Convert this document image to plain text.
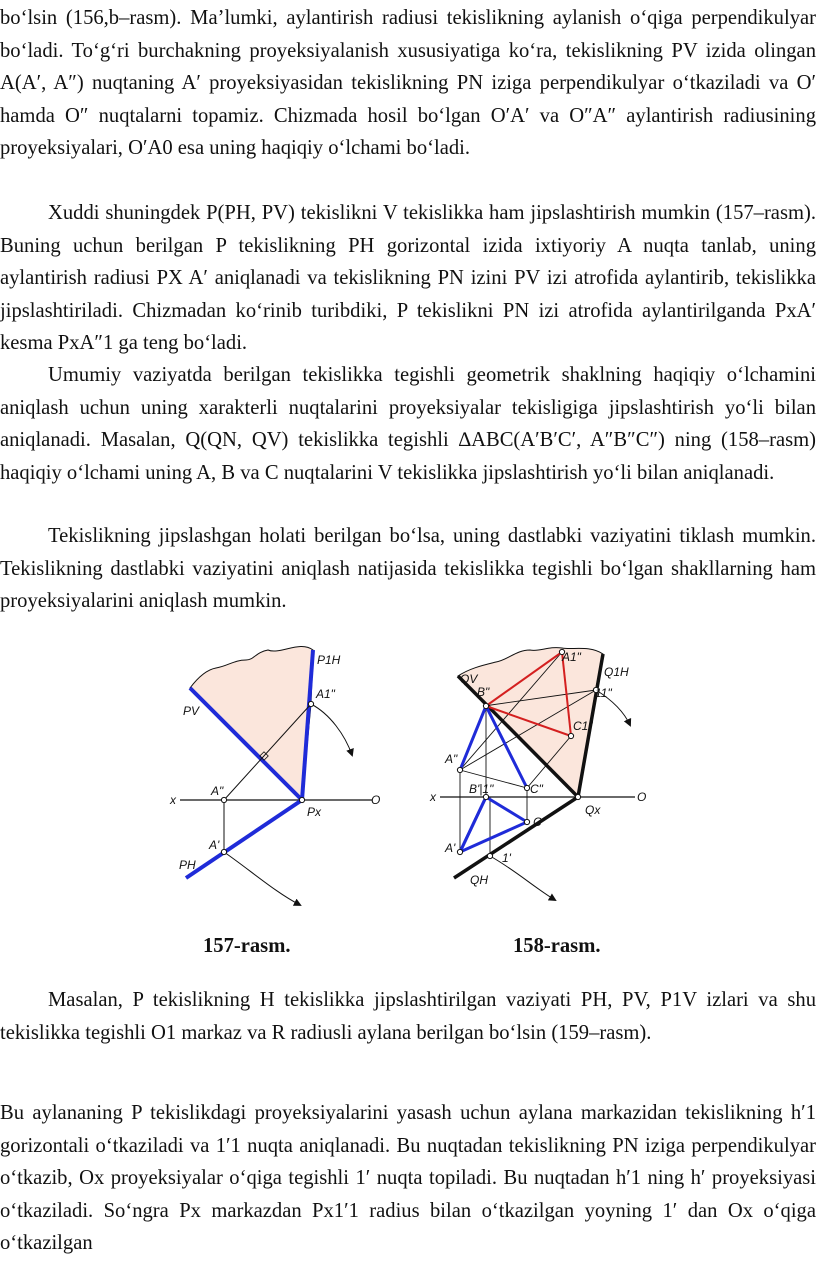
bo‘lsin (156,b–rasm). Ma’lumki, aylantirish radiusi tekislikning aylanish o‘qiga perpendikulyar bo‘ladi. To‘g‘ri burchakning proyeksiyalanish xususiyatiga ko‘ra, tekislikning PV izida olingan A(A′, A″) nuqtaning A′ proyeksiyasidan tekislikning PN iziga perpendikulyar o‘tkaziladi va O′ hamda O″ nuqtalarni topamiz. Chizmada hosil bo‘lgan O′A′ va O″A″ aylantirish radiusining proyeksiyalari, O′A0 esa uning haqiqiy o‘lchami bo‘ladi.

Xuddi shuningdek P(PH, PV) tekislikni V tekislikka ham jipslashtirish mumkin (157–rasm). Buning uchun berilgan P tekislikning PH gorizontal izida ixtiyoriy A nuqta tanlab, uning aylantirish radiusi PX A′ aniqlanadi va tekislikning PN izini PV izi atrofida aylantirib, tekislikka jipslashtiriladi. Chizmadan ko‘rinib turibdiki, P tekislikni PN izi atrofida aylantirilganda PxA′ kesma PxA″1 ga teng bo‘ladi.

Umumiy vaziyatda berilgan tekislikka tegishli geometrik shaklning haqiqiy o‘lchamini aniqlash uchun uning xarakterli nuqtalarini proyeksiyalar tekisligiga jipslashtirish yo‘li bilan aniqlanadi. Masalan, Q(QN, QV) tekislikka tegishli ∆ABC(A′B′C′, A″B″C″) ning (158–rasm) haqiqiy o‘lchami uning A, B va C nuqtalarini V tekislikka jipslashtirish yo‘li bilan aniqlanadi.

Tekislikning jipslashgan holati berilgan bo‘lsa, uning dastlabki vaziyatini tiklash mumkin. Tekislikning dastlabki vaziyatini aniqlash natijasida tekislikka tegishli bo‘lgan shakllarning ham proyeksiyalarini aniqlash mumkin.

P1H
A1"
PV
x
A"
O
Px
A'
PH
A1"
Q1H
QV
B"	11"
C1"
A"
x
B'|1"	C"
O
Qx
C'
A'
1'
QH
157-rasm.	158-rasm.

Masalan, P tekislikning H tekislikka jipslashtirilgan vaziyati PH, PV, P1V izlari va shu tekislikka tegishli O1 markaz va R radiusli aylana berilgan bo‘lsin (159–rasm).

Bu aylananing P tekislikdagi proyeksiyalarini yasash uchun aylana markazidan tekislikning h′1 gorizontali o‘tkaziladi va 1′1 nuqta aniqlanadi. Bu nuqtadan tekislikning PN iziga perpendikulyar o‘tkazib, Ox proyeksiyalar o‘qiga tegishli 1′ nuqta topiladi. Bu nuqtadan h′1 ning h′ proyeksiyasi o‘tkaziladi. So‘ngra Px markazdan Px1′1 radius bilan o‘tkazilgan yoyning 1′ dan Ox o‘qiga o‘tkazilgan
